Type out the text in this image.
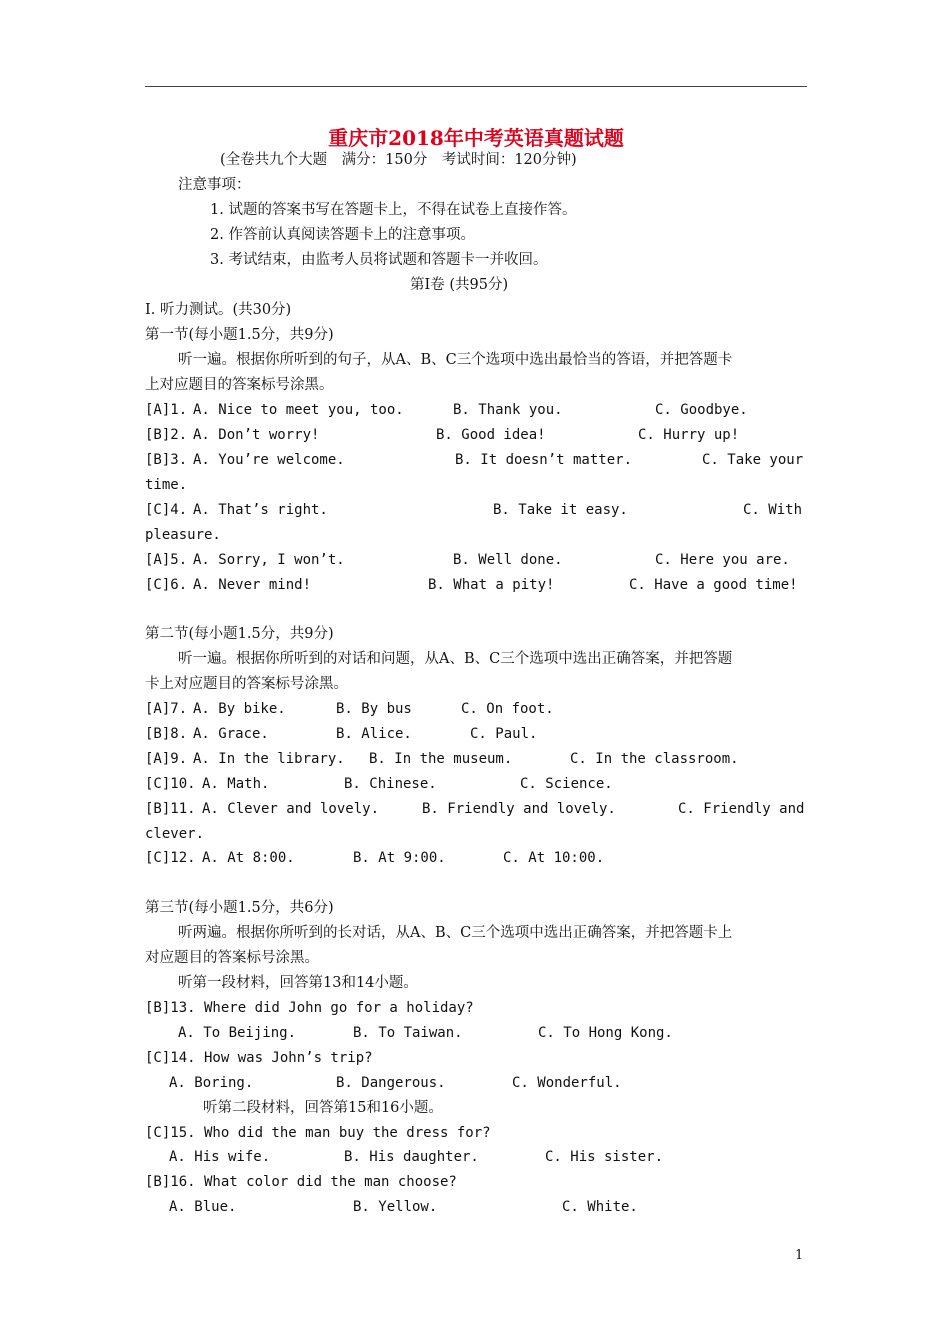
重庆市2018年中考英语真题试题
(全卷共九个大题　满分：150分　考试时间：120分钟)
注意事项：
1. 试题的答案书写在答题卡上，不得在试卷上直接作答。
2. 作答前认真阅读答题卡上的注意事项。
3. 考试结束，由监考人员将试题和答题卡一并收回。
第Ⅰ卷 (共95分)
I. 听力测试。(共30分)
第一节(每小题1.5分，共9分)
听一遍。根据你所听到的句子，从A、B、C三个选项中选出最恰当的答语，并把答题卡
上对应题目的答案标号涂黑。
[A]1. A. Nice to meet you, too.	B. Thank you.	C. Goodbye.
[B]2. A. Don’t worry!	B. Good idea!	C. Hurry up!
[B]3. A. You’re welcome.	B. It doesn’t matter.	C. Take your
time.
[C]4. A. That’s right.	B. Take it easy.	C. With
pleasure.
[A]5. A. Sorry, I won’t.	B. Well done.	C. Here you are.
[C]6. A. Never mind!	B. What a pity!	C. Have a good time!
第二节(每小题1.5分，共9分)
听一遍。根据你所听到的对话和问题，从A、B、C三个选项中选出正确答案，并把答题
卡上对应题目的答案标号涂黑。
[A]7. A. By bike.	B. By bus	C. On foot.
[B]8. A. Grace.	B. Alice.	C. Paul.
[A]9. A. In the library. B. In the museum.	C. In the classroom.
[C]10. A. Math.	B. Chinese.	C. Science.
[B]11. A. Clever and lovely.	B. Friendly and lovely.	C. Friendly and
clever.
[C]12. A. At 8:00.	B. At 9:00.	C. At 10:00.
第三节(每小题1.5分，共6分)
听两遍。根据你所听到的长对话，从A、B、C三个选项中选出正确答案，并把答题卡上
对应题目的答案标号涂黑。
听第一段材料，回答第13和14小题。
[B]13. Where did John go for a holiday?
A. To Beijing.	B. To Taiwan.	C. To Hong Kong.
[C]14. How was John’s trip?
A. Boring.	B. Dangerous.	C. Wonderful.
听第二段材料，回答第15和16小题。
[C]15. Who did the man buy the dress for?
A. His wife.	B. His daughter.	C. His sister.
[B]16. What color did the man choose?
A. Blue.	B. Yellow.	C. White.
1
